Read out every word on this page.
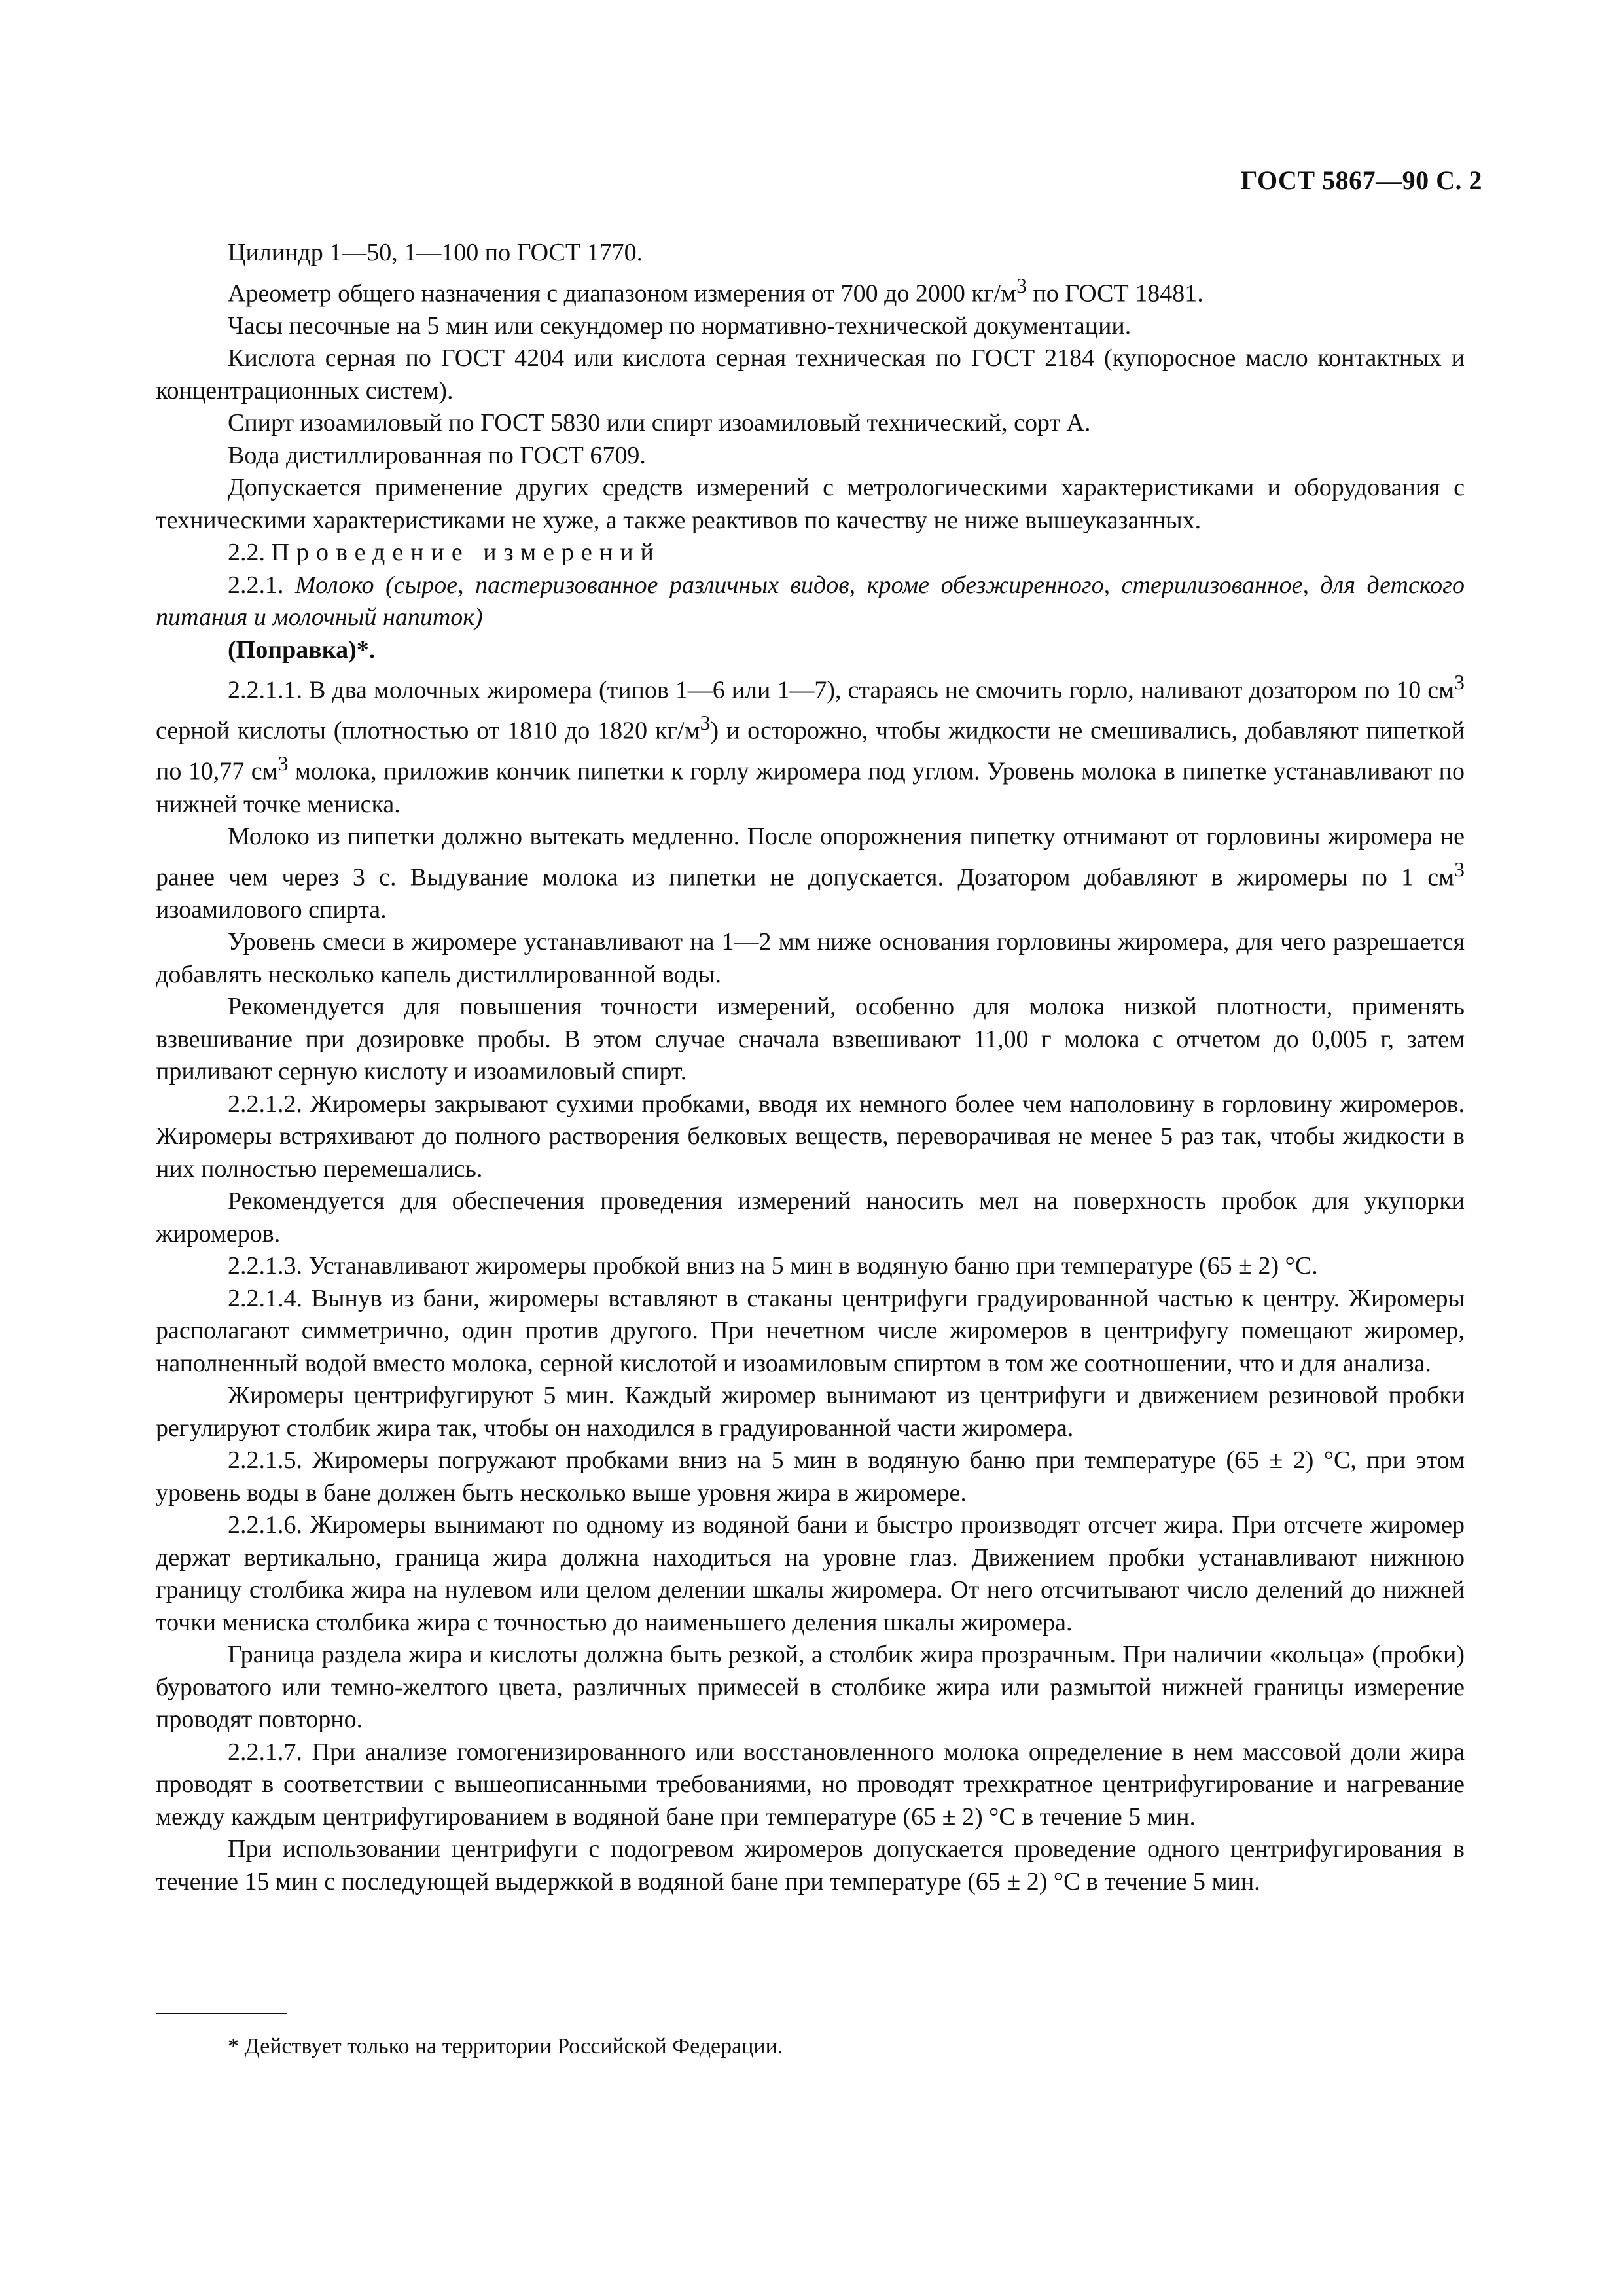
ГОСТ 5867—90 С. 2

Цилиндр 1—50, 1—100 по ГОСТ 1770.

Ареометр общего назначения с диапазоном измерения от 700 до 2000 $кг/м^3$ по ГОСТ 18481.

Часы песочные на 5 мин или секундомер по нормативно-технической документации.

Кислота серная по ГОСТ 4204 или кислота серная техническая по ГОСТ 2184 (купоросное масло контактных и концентрационных систем).

Спирт изоамиловый по ГОСТ 5830 или спирт изоамиловый технический, сорт А.

Вода дистиллированная по ГОСТ 6709.

Допускается применение других средств измерений с метрологическими характеристиками и оборудования с техническими характеристиками не хуже, а также реактивов по качеству не ниже вышеуказанных.

2.2. Проведение измерений

2.2.1. Молоко (сырое, пастеризованное различных видов, кроме обезжиренного, стерилизованное, для детского питания и молочный напиток)

(Поправка)*.

2.2.1.1. В два молочных жиромера (типов 1—6 или 1—7), стараясь не смочить горло, наливают дозатором по 10 $см^3$ серной кислоты (плотностью от 1810 до 1820 $кг/м^3$) и осторожно, чтобы жидкости не смешивались, добавляют пипеткой по 10,77 $см^3$ молока, приложив кончик пипетки к горлу жиромера под углом. Уровень молока в пипетке устанавливают по нижней точке мениска.

Молоко из пипетки должно вытекать медленно. После опорожнения пипетку отнимают от горловины жиромера не ранее чем через 3 с. Выдувание молока из пипетки не допускается. Дозатором добавляют в жиромеры по 1 $см^3$ изоамилового спирта.

Уровень смеси в жиромере устанавливают на 1—2 мм ниже основания горловины жиромера, для чего разрешается добавлять несколько капель дистиллированной воды.

Рекомендуется для повышения точности измерений, особенно для молока низкой плотности, применять взвешивание при дозировке пробы. В этом случае сначала взвешивают 11,00 г молока с отчетом до 0,005 г, затем приливают серную кислоту и изоамиловый спирт.

2.2.1.2. Жиромеры закрывают сухими пробками, вводя их немного более чем наполовину в горловину жиромеров. Жиромеры встряхивают до полного растворения белковых веществ, переворачивая не менее 5 раз так, чтобы жидкости в них полностью перемешались.

Рекомендуется для обеспечения проведения измерений наносить мел на поверхность пробок для укупорки жиромеров.

2.2.1.3. Устанавливают жиромеры пробкой вниз на 5 мин в водяную баню при температуре (65 ± 2) °С.

2.2.1.4. Вынув из бани, жиромеры вставляют в стаканы центрифуги градуированной частью к центру. Жиромеры располагают симметрично, один против другого. При нечетном числе жиромеров в центрифугу помещают жиромер, наполненный водой вместо молока, серной кислотой и изоамиловым спиртом в том же соотношении, что и для анализа.

Жиромеры центрифугируют 5 мин. Каждый жиромер вынимают из центрифуги и движением резиновой пробки регулируют столбик жира так, чтобы он находился в градуированной части жиромера.

2.2.1.5. Жиромеры погружают пробками вниз на 5 мин в водяную баню при температуре (65 ± 2) °С, при этом уровень воды в бане должен быть несколько выше уровня жира в жиромере.

2.2.1.6. Жиромеры вынимают по одному из водяной бани и быстро производят отсчет жира. При отсчете жиромер держат вертикально, граница жира должна находиться на уровне глаз. Движением пробки устанавливают нижнюю границу столбика жира на нулевом или целом делении шкалы жиромера. От него отсчитывают число делений до нижней точки мениска столбика жира с точностью до наименьшего деления шкалы жиромера.

Граница раздела жира и кислоты должна быть резкой, а столбик жира прозрачным. При наличии «кольца» (пробки) буроватого или темно-желтого цвета, различных примесей в столбике жира или размытой нижней границы измерение проводят повторно.

2.2.1.7. При анализе гомогенизированного или восстановленного молока определение в нем массовой доли жира проводят в соответствии с вышеописанными требованиями, но проводят трехкратное центрифугирование и нагревание между каждым центрифугированием в водяной бане при температуре (65 ± 2) °С в течение 5 мин.

При использовании центрифуги с подогревом жиромеров допускается проведение одного центрифугирования в течение 15 мин с последующей выдержкой в водяной бане при температуре (65 ± 2) °С в течение 5 мин.

* Действует только на территории Российской Федерации.
